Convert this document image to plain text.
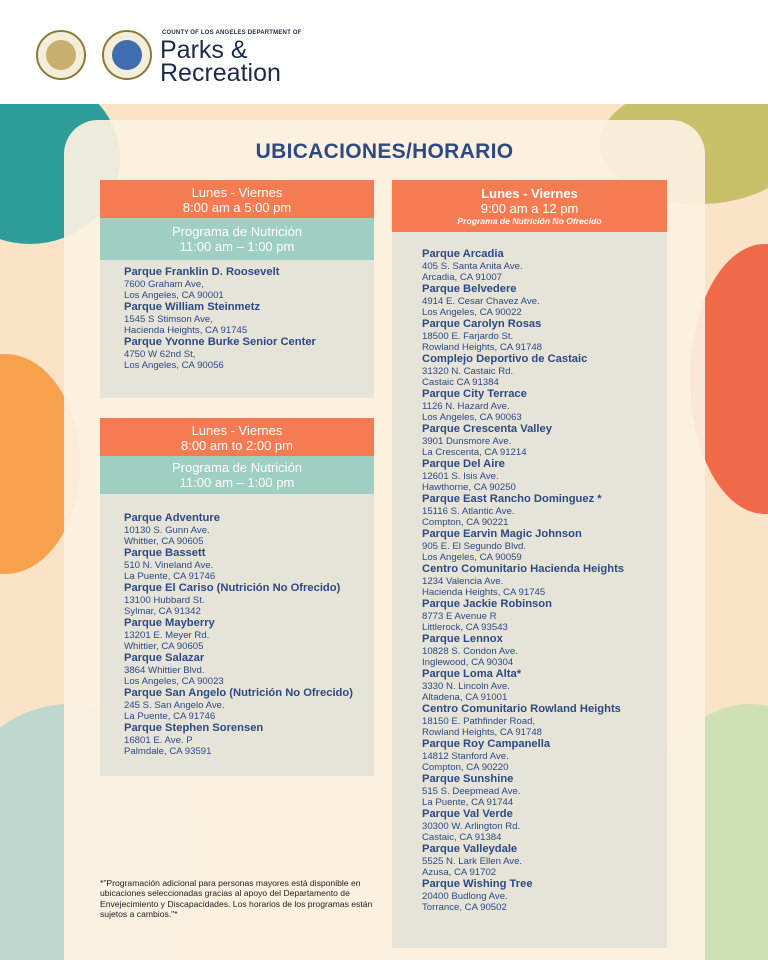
COUNTY OF LOS ANGELES DEPARTMENT OF
Parks &
Recreation
UBICACIONES/HORARIO
Lunes - Viernes
8:00 am a 5:00 pm
Programa de Nutrición
11:00 am – 1:00 pm
Parque Franklin D. Roosevelt
7600 Graham Ave,
Los Angeles, CA 90001
Parque William Steinmetz
1545 S Stimson Ave,
Hacienda Heights, CA 91745
Parque Yvonne Burke Senior Center
4750 W 62nd St,
Los Angeles, CA 90056
Lunes - Viernes
8:00 am to 2:00 pm
Programa de Nutrición
11:00 am – 1:00 pm
Parque Adventure
10130 S. Gunn Ave.
Whittier, CA 90605
Parque Bassett
510 N. Vineland Ave.
La Puente, CA 91746
Parque El Cariso (Nutrición No Ofrecido)
13100 Hubbard St.
Sylmar, CA 91342
Parque Mayberry
13201 E. Meyer Rd.
Whittier, CA 90605
Parque Salazar
3864 Whittier Blvd.
Los Angeles, CA 90023
Parque San Angelo (Nutrición No Ofrecido)
245 S. San Angelo Ave.
La Puente, CA 91746
Parque Stephen Sorensen
16801 E. Ave. P
Palmdale, CA 93591
Lunes - Viernes
9:00 am a 12 pm
Programa de Nutrición No Ofrecido
Parque Arcadia
405 S. Santa Anita Ave.
Arcadia, CA 91007
Parque Belvedere
4914 E. Cesar Chavez Ave.
Los Angeles, CA 90022
Parque Carolyn Rosas
18500 E. Farjardo St.
Rowland Heights, CA 91748
Complejo Deportivo de Castaic
31320 N. Castaic Rd.
Castaic CA 91384
Parque City Terrace
1126 N. Hazard Ave.
Los Angeles, CA 90063
Parque Crescenta Valley
3901 Dunsmore Ave.
La Crescenta, CA 91214
Parque Del Aire
12601 S. Isis Ave.
Hawthorne, CA 90250
Parque East Rancho Dominguez *
15116 S. Atlantic Ave.
Compton, CA 90221
Parque Earvin Magic Johnson
905 E. El Segundo Blvd.
Los Angeles, CA 90059
Centro Comunitario Hacienda Heights
1234 Valencia Ave.
Hacienda Heights, CA 91745
Parque Jackie Robinson
8773 E Avenue R
Littlerock, CA 93543
Parque Lennox
10828 S. Condon Ave.
Inglewood, CA 90304
Parque Loma Alta*
3330 N. Lincoln Ave.
Altadena, CA 91001
Centro Comunitario Rowland Heights
18150 E. Pathfinder Road,
Rowland Heights, CA 91748
Parque Roy Campanella
14812 Stanford Ave.
Compton, CA 90220
Parque Sunshine
515 S. Deepmead Ave.
La Puente, CA 91744
Parque Val Verde
30300 W. Arlington Rd.
Castaic, CA 91384
Parque Valleydale
5525 N. Lark Ellen Ave.
Azusa, CA 91702
Parque Wishing Tree
20400 Budlong Ave.
Torrance, CA 90502
*"Programación adicional para personas mayores está disponible en ubicaciones seleccionadas gracias al apoyo del Departamento de Envejecimiento y Discapacidades. Los horarios de los programas están sujetos a cambios."*
